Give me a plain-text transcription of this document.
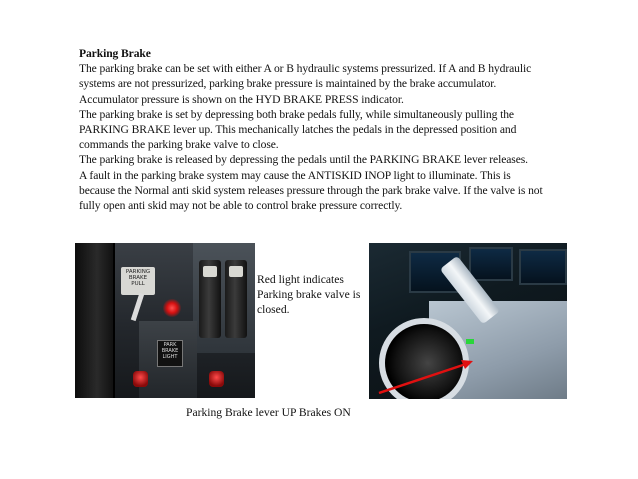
Parking Brake
The parking brake can be set with either A or B hydraulic systems pressurized. If A and B hydraulic systems are not pressurized, parking brake pressure is maintained by the brake accumulator. Accumulator pressure is shown on the HYD BRAKE PRESS indicator.
The parking brake is set by depressing both brake pedals fully, while simultaneously pulling the PARKING BRAKE lever up. This mechanically latches the pedals in the depressed position and commands the parking brake valve to close.
The parking brake is released by depressing the pedals until the PARKING BRAKE lever releases.
A fault in the parking brake system may cause the ANTISKID INOP light to illuminate. This is because the Normal anti skid system releases pressure through the park brake valve. If the valve is not fully open anti skid may not be able to control brake pressure correctly.
PARKING
BRAKE
PULL
PARK
BRAKE
LIGHT
Red light indicates Parking brake valve is closed.
Parking Brake lever UP Brakes ON
